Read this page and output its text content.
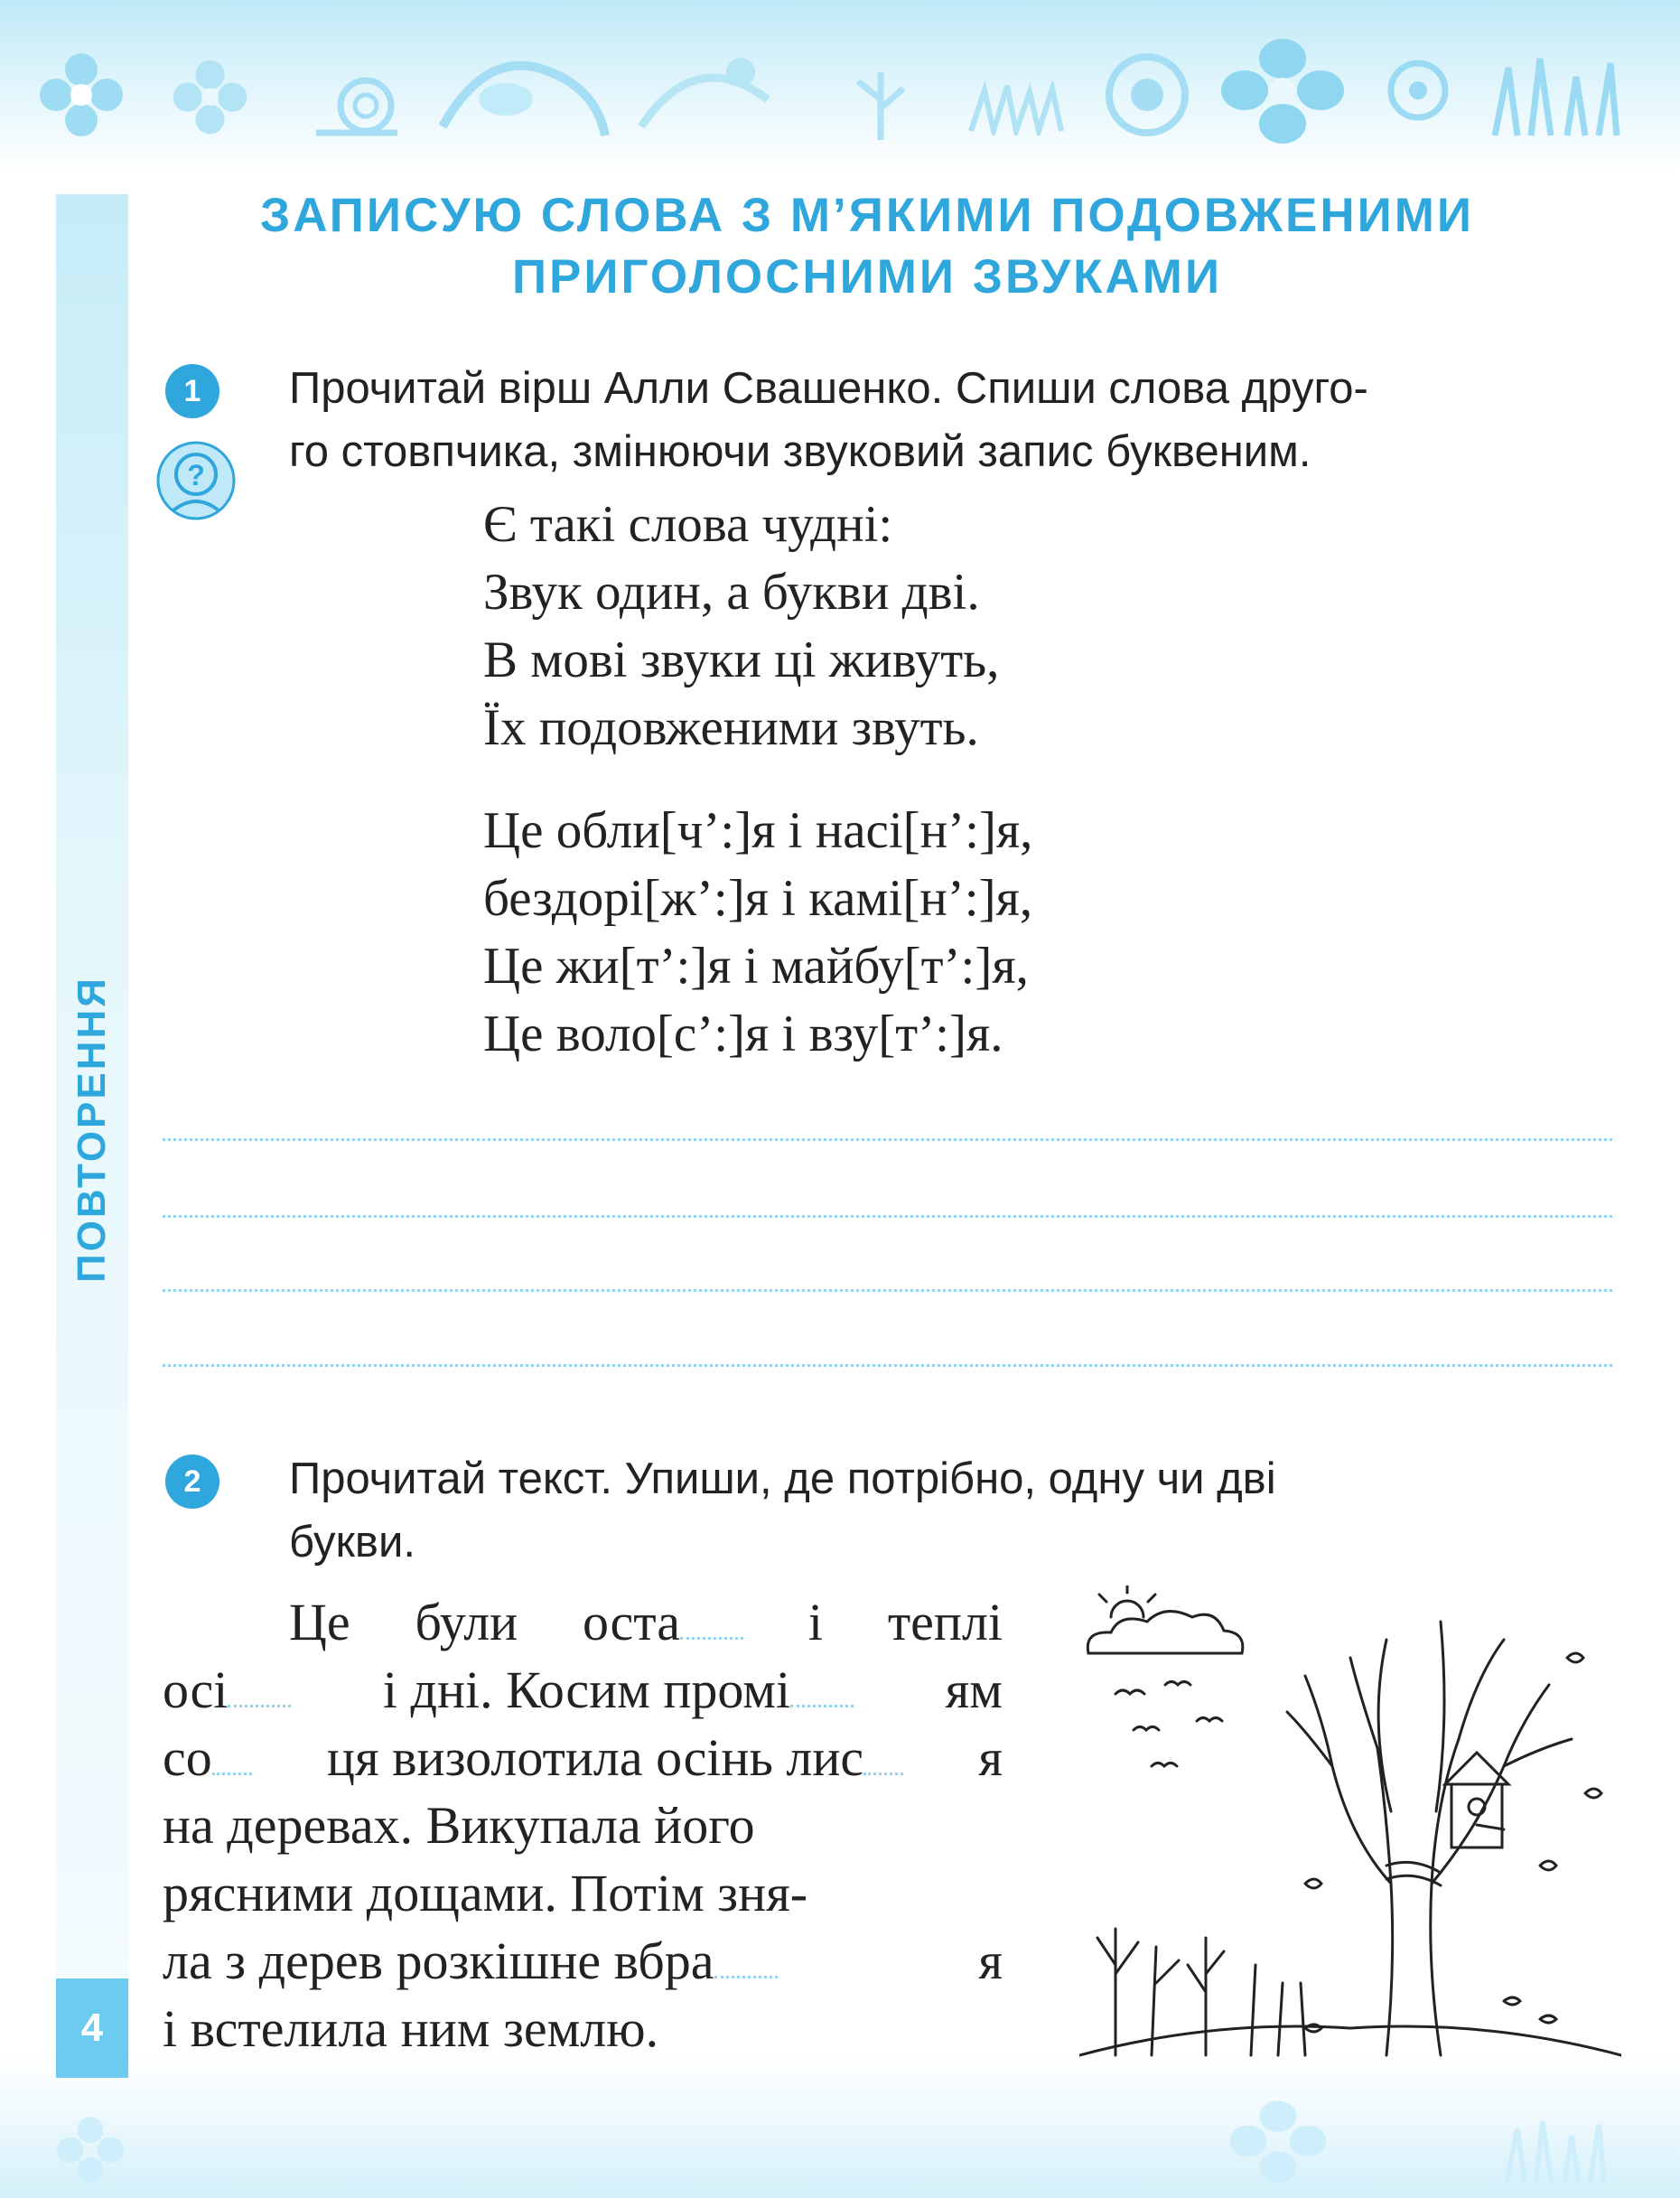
ПОВТОРЕННЯ
4
ЗАПИСУЮ СЛОВА З М’ЯКИМИ ПОДОВЖЕНИМИ
ПРИГОЛОСНИМИ ЗВУКАМИ
1
?
Прочитай вірш Алли Свашенко. Спиши слова друго-
го стовпчика, змінюючи звуковий запис буквеним.
Є такі слова чудні:
Звук один, а букви дві.
В мові звуки ці живуть,
Їх подовженими звуть.
Це обли[ч’:]я і насі[н’:]я,
бездорі[ж’:]я і камі[н’:]я,
Це жи[т’:]я і майбу[т’:]я,
Це воло[с’:]я і взу[т’:]я.
2	Прочитай текст. Упиши, де потрібно, одну чи дві
букви.
Це були оста	і теплі
осі	і дні. Косим промі	ям
со	ця визолотила осінь лис	я
на деревах. Викупала його
рясними дощами. Потім зня-
ла з дерев розкішне вбра	я
і встелила ним землю.
